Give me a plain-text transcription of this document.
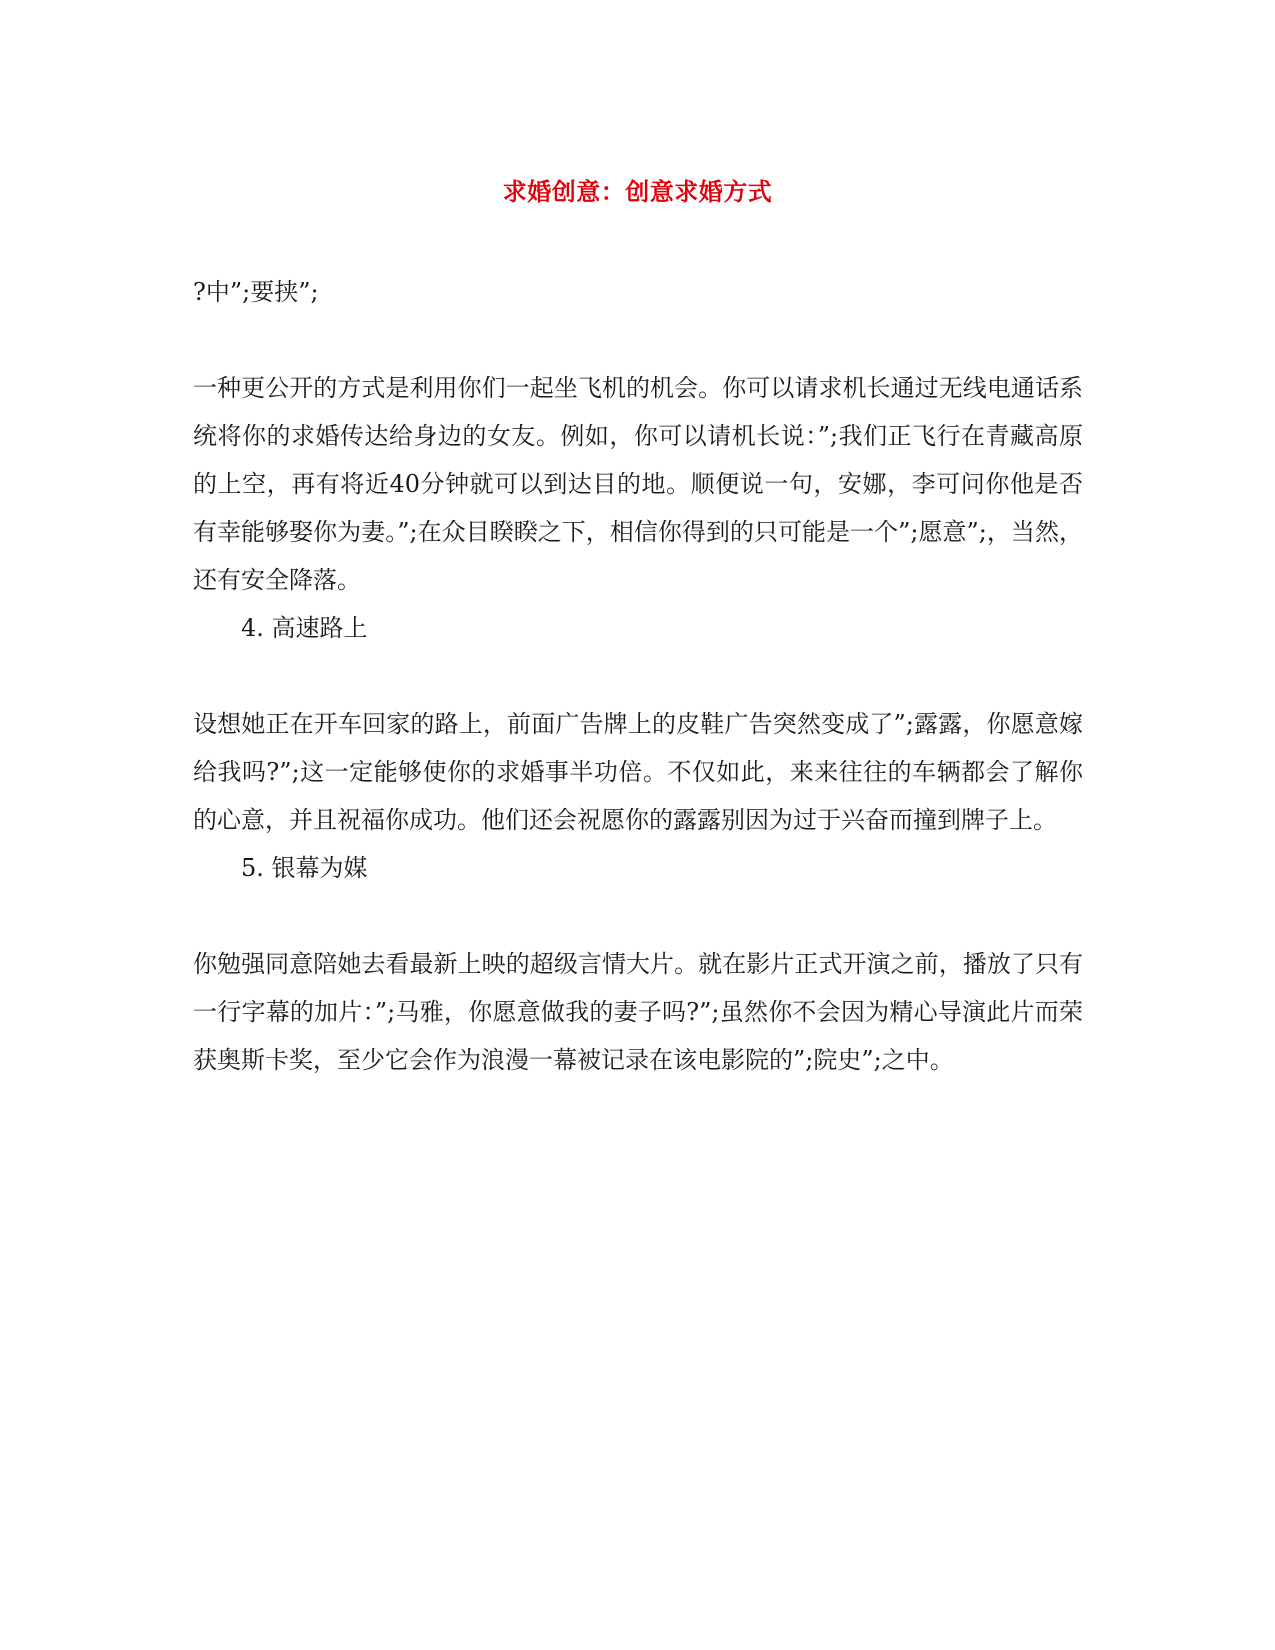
求婚创意：创意求婚方式

?中”;要挟”;

一种更公开的方式是利用你们一起坐飞机的机会。你可以请求机长通过无线电通话系统将你的求婚传达给身边的女友。例如，你可以请机长说：”;我们正飞行在青藏高原的上空，再有将近40分钟就可以到达目的地。顺便说一句，安娜，李可问你他是否有幸能够娶你为妻。”;在众目睽睽之下，相信你得到的只可能是一个”;愿意”;，当然，还有安全降落。

4. 高速路上

设想她正在开车回家的路上，前面广告牌上的皮鞋广告突然变成了”;露露，你愿意嫁给我吗?”;这一定能够使你的求婚事半功倍。不仅如此，来来往往的车辆都会了解你的心意，并且祝福你成功。他们还会祝愿你的露露别因为过于兴奋而撞到牌子上。

5. 银幕为媒

你勉强同意陪她去看最新上映的超级言情大片。就在影片正式开演之前，播放了只有一行字幕的加片：”;马雅，你愿意做我的妻子吗?”;虽然你不会因为精心导演此片而荣获奥斯卡奖，至少它会作为浪漫一幕被记录在该电影院的”;院史”;之中。
